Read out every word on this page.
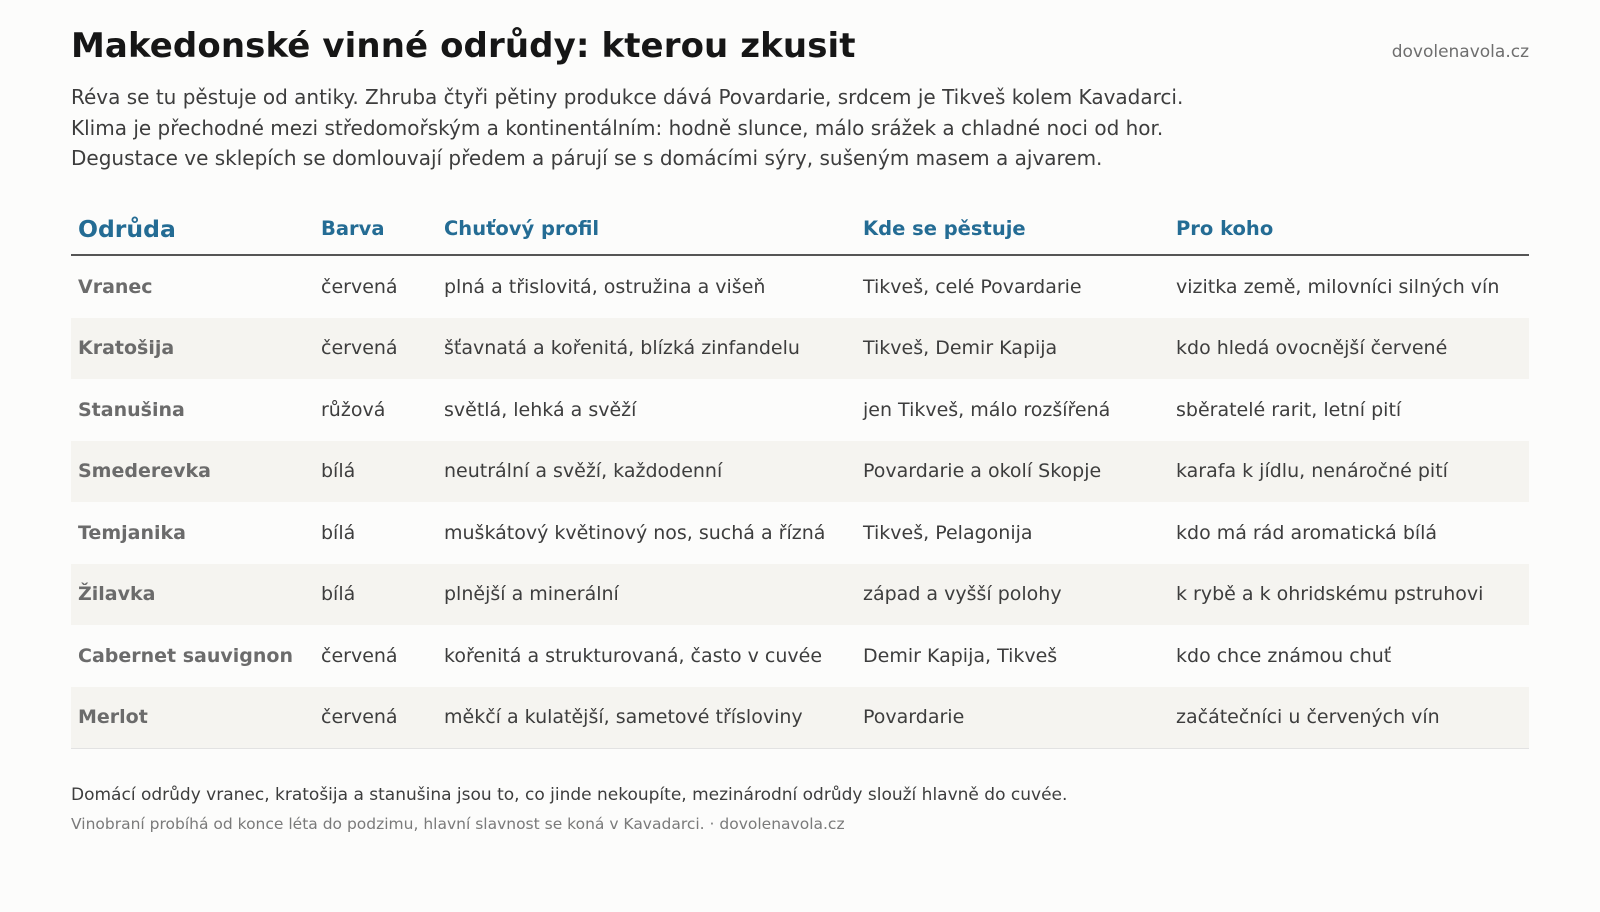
dovolenavola.cz
Makedonské vinné odrůdy: kterou zkusit

Réva se tu pěstuje od antiky. Zhruba čtyři pětiny produkce dává Povardarie, srdcem je Tikveš kolem Kavadarci.

Klima je přechodné mezi středomořským a kontinentálním: hodně slunce, málo srážek a chladné noci od hor.

Degustace ve sklepích se domlouvají předem a párují se s domácími sýry, sušeným masem a ajvarem.

Odrůda	Barva	Chuťový profil	Kde se pěstuje	Pro koho
Vranec	červená	plná a třislovitá, ostružina a višeň	Tikveš, celé Povardarie	vizitka země, milovníci silných vín
Kratošija	červená	šťavnatá a kořenitá, blízká zinfandelu	Tikveš, Demir Kapija	kdo hledá ovocnější červené
Stanušina	růžová	světlá, lehká a svěží	jen Tikveš, málo rozšířená	sběratelé rarit, letní pití
Smederevka	bílá	neutrální a svěží, každodenní	Povardarie a okolí Skopje	karafa k jídlu, nenáročné pití
Temjanika	bílá	muškátový květinový nos, suchá a řízná	Tikveš, Pelagonija	kdo má rád aromatická bílá
Žilavka	bílá	plnější a minerální	západ a vyšší polohy	k rybě a k ohridskému pstruhovi
Cabernet sauvignon	červená	kořenitá a strukturovaná, často v cuvée	Demir Kapija, Tikveš	kdo chce známou chuť
Merlot	červená	měkčí a kulatější, sametové třísloviny	Povardarie	začátečníci u červených vín
Domácí odrůdy vranec, kratošija a stanušina jsou to, co jinde nekoupíte, mezinárodní odrůdy slouží hlavně do cuvée.
Vinobraní probíhá od konce léta do podzimu, hlavní slavnost se koná v Kavadarci. · dovolenavola.cz
